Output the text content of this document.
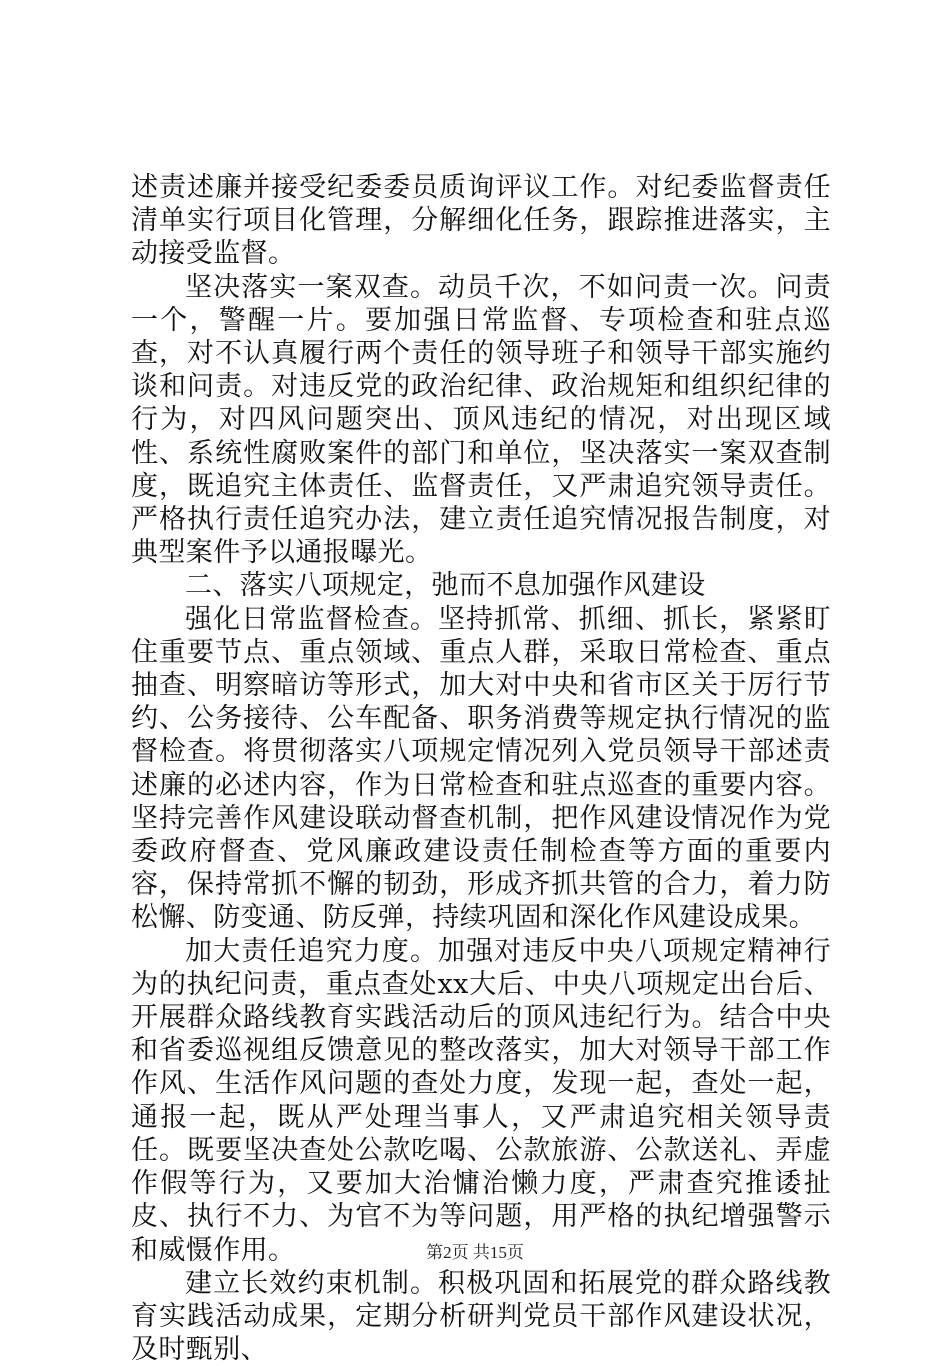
述责述廉并接受纪委委员质询评议工作。对纪委监督责任清单实行项目化管理，分解细化任务，跟踪推进落实，主动接受监督。

坚决落实一案双查。动员千次，不如问责一次。问责一个，警醒一片。要加强日常监督、专项检查和驻点巡查，对不认真履行两个责任的领导班子和领导干部实施约谈和问责。对违反党的政治纪律、政治规矩和组织纪律的行为，对四风问题突出、顶风违纪的情况，对出现区域性、系统性腐败案件的部门和单位，坚决落实一案双查制度，既追究主体责任、监督责任，又严肃追究领导责任。严格执行责任追究办法，建立责任追究情况报告制度，对典型案件予以通报曝光。

二、落实八项规定，弛而不息加强作风建设

强化日常监督检查。坚持抓常、抓细、抓长，紧紧盯住重要节点、重点领域、重点人群，采取日常检查、重点抽查、明察暗访等形式，加大对中央和省市区关于厉行节约、公务接待、公车配备、职务消费等规定执行情况的监督检查。将贯彻落实八项规定情况列入党员领导干部述责述廉的必述内容，作为日常检查和驻点巡查的重要内容。坚持完善作风建设联动督查机制，把作风建设情况作为党委政府督查、党风廉政建设责任制检查等方面的重要内容，保持常抓不懈的韧劲，形成齐抓共管的合力，着力防松懈、防变通、防反弹，持续巩固和深化作风建设成果。

加大责任追究力度。加强对违反中央八项规定精神行为的执纪问责，重点查处xx大后、中央八项规定出台后、开展群众路线教育实践活动后的顶风违纪行为。结合中央和省委巡视组反馈意见的整改落实，加大对领导干部工作作风、生活作风问题的查处力度，发现一起，查处一起，通报一起，既从严处理当事人，又严肃追究相关领导责任。既要坚决查处公款吃喝、公款旅游、公款送礼、弄虚作假等行为，又要加大治慵治懒力度，严肃查究推诿扯皮、执行不力、为官不为等问题，用严格的执纪增强警示和威慑作用。

建立长效约束机制。积极巩固和拓展党的群众路线教育实践活动成果，定期分析研判党员干部作风建设状况，及时甄别、

第2页 共15页
